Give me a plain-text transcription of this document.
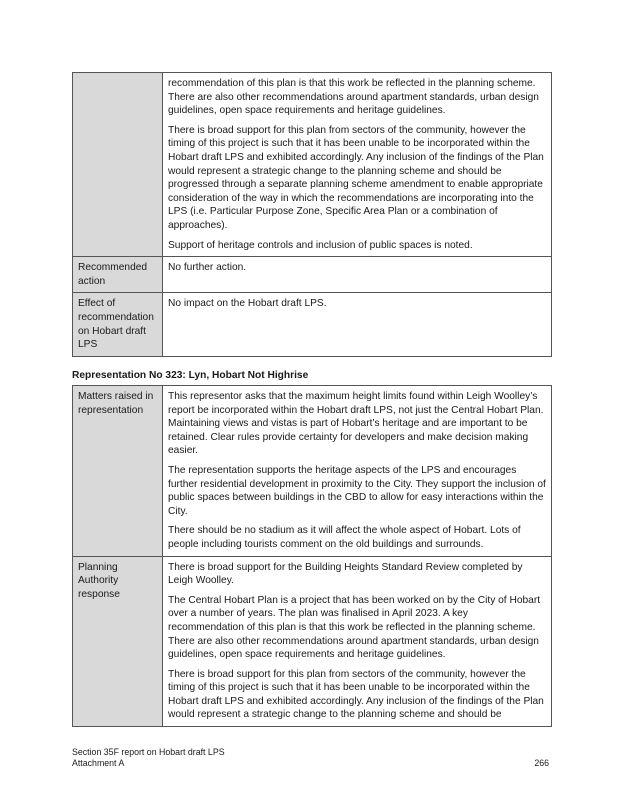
	recommendation of this plan is that this work be reflected in the planning scheme. There are also other recommendations around apartment standards, urban design guidelines, open space requirements and heritage guidelines.

There is broad support for this plan from sectors of the community, however the timing of this project is such that it has been unable to be incorporated within the Hobart draft LPS and exhibited accordingly. Any inclusion of the findings of the Plan would represent a strategic change to the planning scheme and should be progressed through a separate planning scheme amendment to enable appropriate consideration of the way in which the recommendations are incorporating into the LPS (i.e. Particular Purpose Zone, Specific Area Plan or a combination of approaches).

Support of heritage controls and inclusion of public spaces is noted.

Recommended action	No further action.

Effect of recommendation on Hobart draft LPS	No impact on the Hobart draft LPS.

Representation No 323: Lyn, Hobart Not Highrise
Matters raised in representation	This representor asks that the maximum height limits found within Leigh Woolley’s report be incorporated within the Hobart draft LPS, not just the Central Hobart Plan. Maintaining views and vistas is part of Hobart’s heritage and are important to be retained. Clear rules provide certainty for developers and make decision making easier.

The representation supports the heritage aspects of the LPS and encourages further residential development in proximity to the City. They support the inclusion of public spaces between buildings in the CBD to allow for easy interactions within the City.

There should be no stadium as it will affect the whole aspect of Hobart. Lots of people including tourists comment on the old buildings and surrounds.

Planning Authority response	There is broad support for the Building Heights Standard Review completed by Leigh Woolley.

The Central Hobart Plan is a project that has been worked on by the City of Hobart over a number of years. The plan was finalised in April 2023. A key recommendation of this plan is that this work be reflected in the planning scheme. There are also other recommendations around apartment standards, urban design guidelines, open space requirements and heritage guidelines.

There is broad support for this plan from sectors of the community, however the timing of this project is such that it has been unable to be incorporated within the Hobart draft LPS and exhibited accordingly. Any inclusion of the findings of the Plan would represent a strategic change to the planning scheme and should be

Section 35F report on Hobart draft LPS
Attachment A	266
